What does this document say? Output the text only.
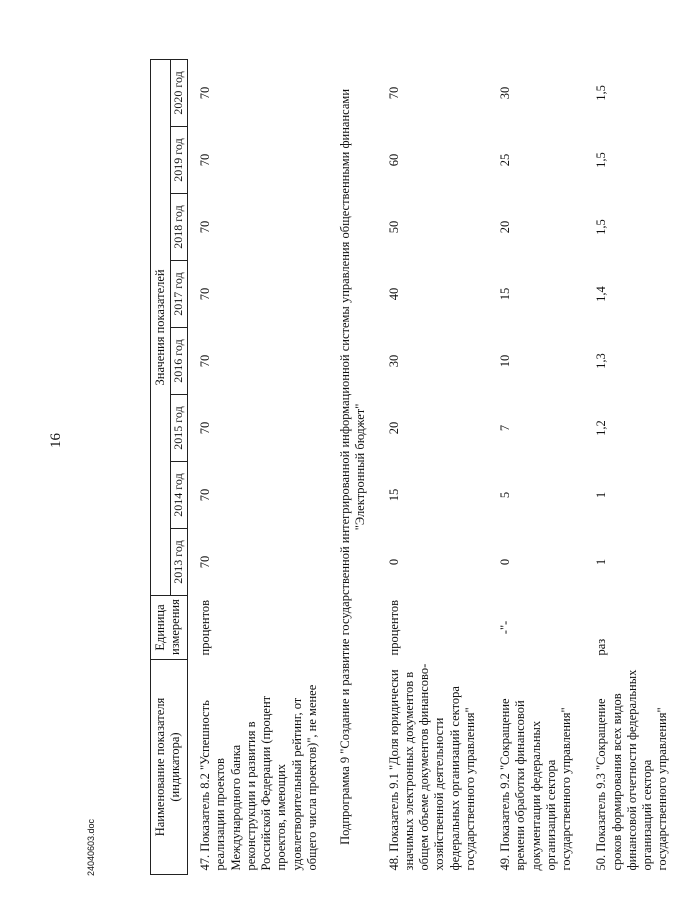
16
Наименование показателя (индикатора)	Единица измерения	Значения показателей							
		2013 год	2014 год	2015 год	2016 год	2017 год	2018 год	2019 год	2020 год
47. Показатель 8.2 "Успешность реализации проектов Международного банка реконструкции и развития в Российской Федерации (процент проектов, имеющих удовлетворительный рейтинг, от общего числа проектов)", не менее	процентов	70	70	70	70	70	70	70	70
Подпрограмма 9 "Создание и развитие государственной интегрированной информационной системы управления общественными финансами "Электронный бюджет"									
48. Показатель 9.1 "Доля юридически значимых электронных документов в общем объеме документов финансово-хозяйственной деятельности федеральных организаций сектора государственного управления"	процентов	0	15	20	30	40	50	60	70
49. Показатель 9.2 "Сокращение времени обработки финансовой документации федеральных организаций сектора государственного управления"	-"-	0	5	7	10	15	20	25	30
50. Показатель 9.3 "Сокращение сроков формирования всех видов финансовой отчетности федеральных организаций сектора государственного управления"	раз	1	1	1,2	1,3	1,4	1,5	1,5	1,5
24040603.doc
